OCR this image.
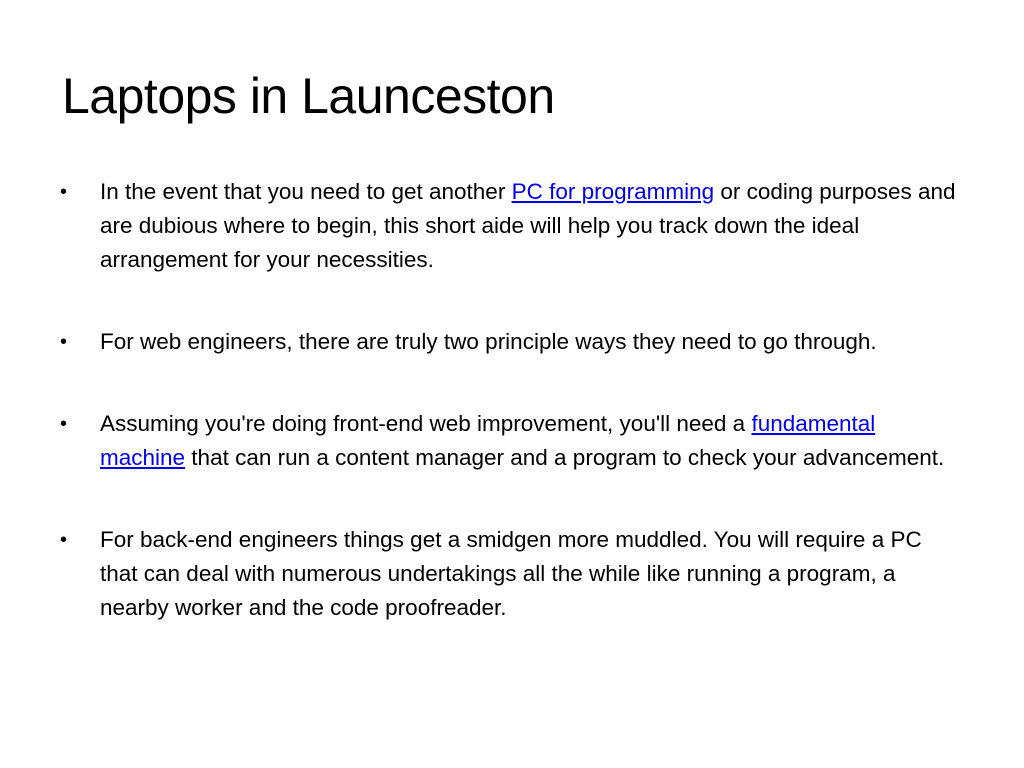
Laptops in Launceston
• In the event that you need to get another PC for programming or coding purposes and are dubious where to begin, this short aide will help you track down the ideal arrangement for your necessities.
• For web engineers, there are truly two principle ways they need to go through.
• Assuming you're doing front-end web improvement, you'll need a fundamental machine that can run a content manager and a program to check your advancement.
• For back-end engineers things get a smidgen more muddled. You will require a PC that can deal with numerous undertakings all the while like running a program, a nearby worker and the code proofreader.
